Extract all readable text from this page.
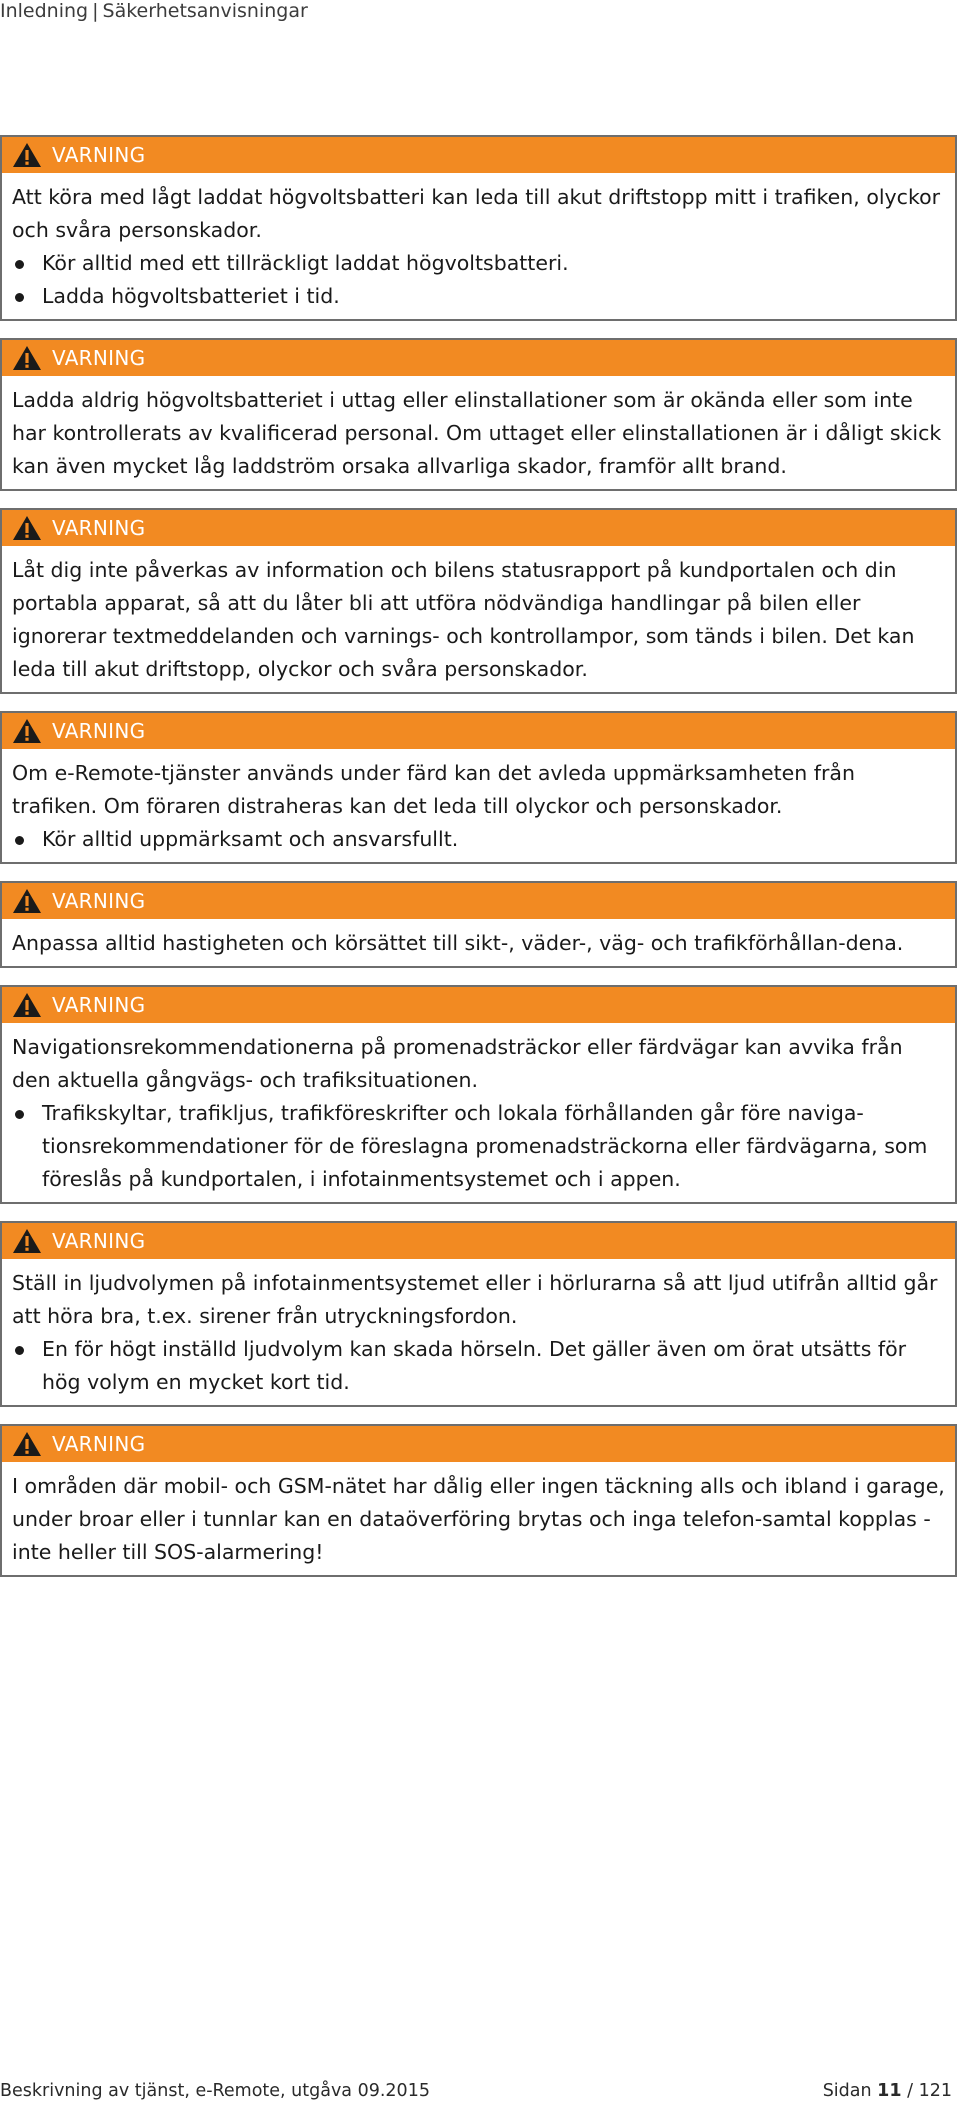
Inledning | Säkerhetsanvisningar
VARNING

Att köra med lågt laddat högvoltsbatteri kan leda till akut driftstopp mitt i trafiken, olyckor och svåra personskador.

Kör alltid med ett tillräckligt laddat högvoltsbatteri.
Ladda högvoltsbatteriet i tid.
VARNING

Ladda aldrig högvoltsbatteriet i uttag eller elinstallationer som är okända eller som inte har kontrollerats av kvalificerad personal. Om uttaget eller elinstallationen är i dåligt skick kan även mycket låg laddström orsaka allvarliga skador, framför allt brand.

VARNING

Låt dig inte påverkas av information och bilens statusrapport på kundportalen och din portabla apparat, så att du låter bli att utföra nödvändiga handlingar på bilen eller ignorerar textmeddelanden och varnings- och kontrollampor, som tänds i bilen. Det kan leda till akut driftstopp, olyckor och svåra personskador.

VARNING

Om e-Remote-tjänster används under färd kan det avleda uppmärksamheten från trafiken. Om föraren distraheras kan det leda till olyckor och personskador.

Kör alltid uppmärksamt och ansvarsfullt.
VARNING

Anpassa alltid hastigheten och körsättet till sikt-, väder-, väg- och trafikförhållan-dena.

VARNING

Navigationsrekommendationerna på promenadsträckor eller färdvägar kan avvika från den aktuella gångvägs- och trafiksituationen.

Trafikskyltar, trafikljus, trafikföreskrifter och lokala förhållanden går före naviga-tionsrekommendationer för de föreslagna promenadsträckorna eller färdvägarna, som föreslås på kundportalen, i infotainmentsystemet och i appen.
VARNING

Ställ in ljudvolymen på infotainmentsystemet eller i hörlurarna så att ljud utifrån alltid går att höra bra, t.ex. sirener från utryckningsfordon.

En för högt inställd ljudvolym kan skada hörseln. Det gäller även om örat utsätts för hög volym en mycket kort tid.
VARNING

I områden där mobil- och GSM-nätet har dålig eller ingen täckning alls och ibland i garage, under broar eller i tunnlar kan en dataöverföring brytas och inga telefon-samtal kopplas - inte heller till SOS-alarmering!

Beskrivning av tjänst, e-Remote, utgåva 09.2015	Sidan 11 / 121
